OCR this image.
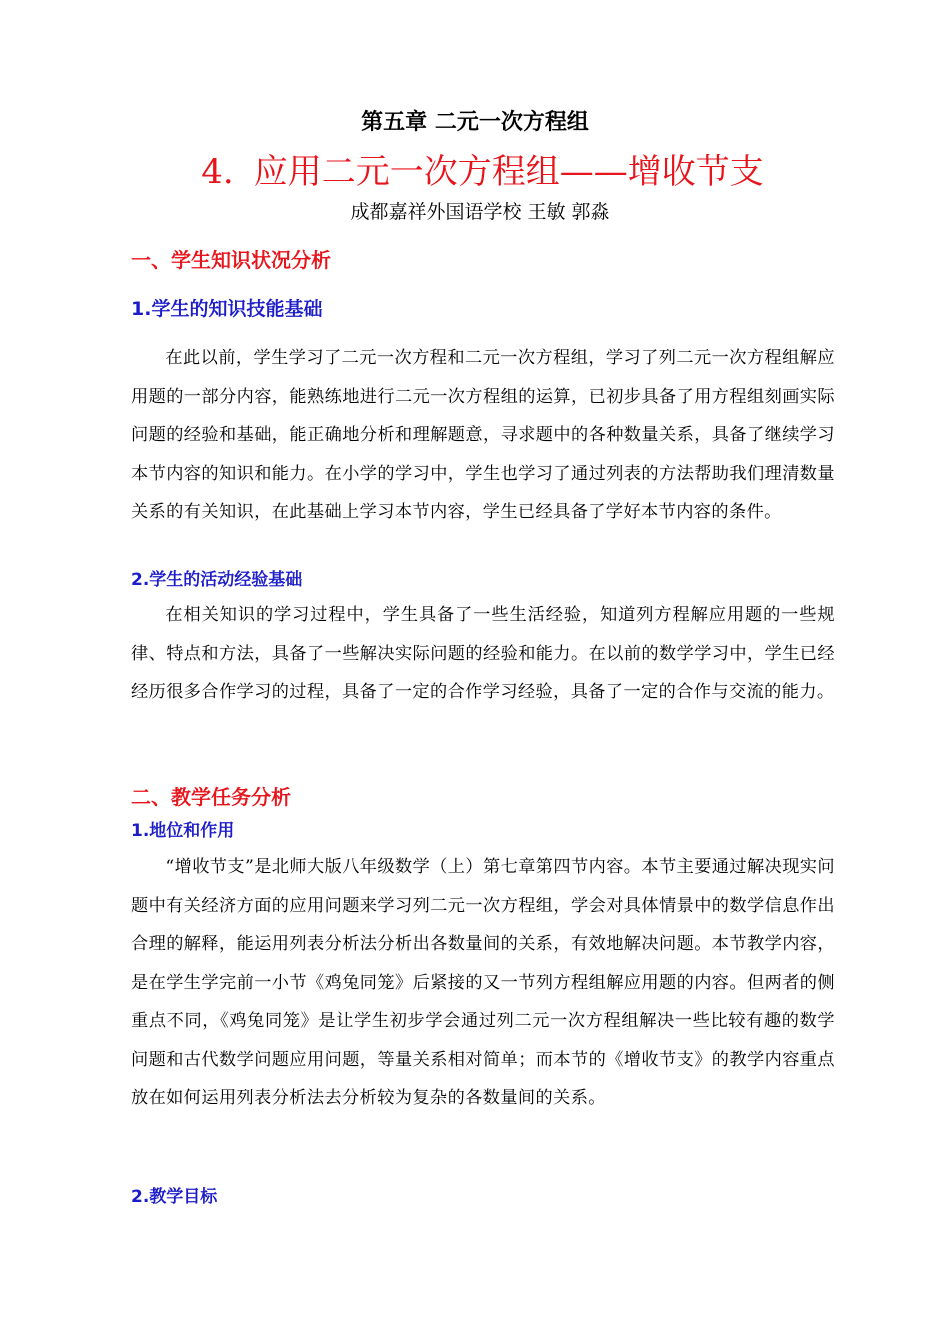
第五章 二元一次方程组
4. 应用二元一次方程组——增收节支
成都嘉祥外国语学校 王敏 郭淼
一、学生知识状况分析
1.学生的知识技能基础

在此以前，学生学习了二元一次方程和二元一次方程组，学习了列二元一次方程组解应用题的一部分内容，能熟练地进行二元一次方程组的运算，已初步具备了用方程组刻画实际问题的经验和基础，能正确地分析和理解题意，寻求题中的各种数量关系，具备了继续学习本节内容的知识和能力。在小学的学习中，学生也学习了通过列表的方法帮助我们理清数量关系的有关知识，在此基础上学习本节内容，学生已经具备了学好本节内容的条件。

2.学生的活动经验基础

在相关知识的学习过程中，学生具备了一些生活经验，知道列方程解应用题的一些规律、特点和方法，具备了一些解决实际问题的经验和能力。在以前的数学学习中，学生已经经历很多合作学习的过程，具备了一定的合作学习经验，具备了一定的合作与交流的能力。

二、教学任务分析
1.地位和作用

“增收节支”是北师大版八年级数学（上）第七章第四节内容。本节主要通过解决现实问题中有关经济方面的应用问题来学习列二元一次方程组，学会对具体情景中的数学信息作出合理的解释，能运用列表分析法分析出各数量间的关系，有效地解决问题。本节教学内容，是在学生学完前一小节《鸡兔同笼》后紧接的又一节列方程组解应用题的内容。但两者的侧重点不同，《鸡兔同笼》是让学生初步学会通过列二元一次方程组解决一些比较有趣的数学问题和古代数学问题应用问题，等量关系相对简单；而本节的《增收节支》的教学内容重点放在如何运用列表分析法去分析较为复杂的各数量间的关系。

2.教学目标
